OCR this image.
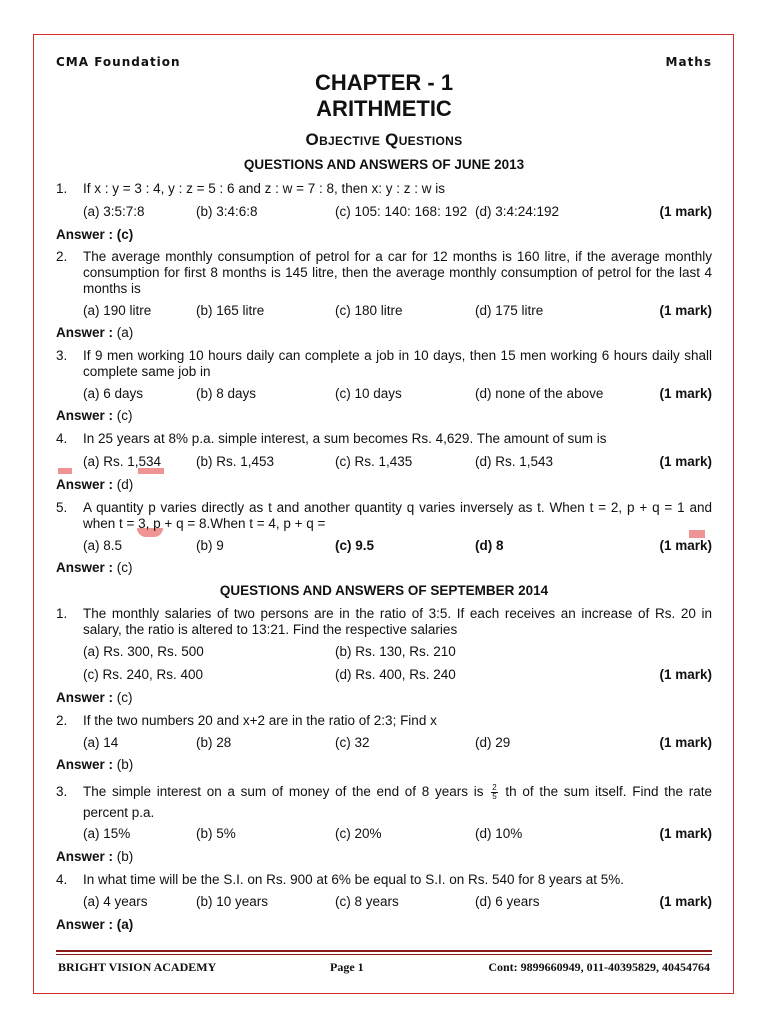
CMA Foundation	Maths
CHAPTER - 1
ARITHMETIC
Objective Questions
QUESTIONS AND ANSWERS OF JUNE 2013
1. If x : y = 3 : 4, y : z = 5 : 6 and z : w = 7 : 8, then x: y : z : w is
(a) 3:5:7:8	(b) 3:4:6:8	(c) 105: 140: 168: 192 (d) 3:4:24:192	(1 mark)
Answer : (c)
2. The average monthly consumption of petrol for a car for 12 months is 160 litre, if the average monthly consumption for first 8 months is 145 litre, then the average monthly consumption of petrol for the last 4 months is
(a) 190 litre	(b) 165 litre	(c) 180 litre	(d) 175 litre	(1 mark)
Answer : (a)
3. If 9 men working 10 hours daily can complete a job in 10 days, then 15 men working 6 hours daily shall complete same job in
(a) 6 days	(b) 8 days	(c) 10 days	(d) none of the above	(1 mark)
Answer : (c)
4. In 25 years at 8% p.a. simple interest, a sum becomes Rs. 4,629. The amount of sum is
(a) Rs. 1,534	(b) Rs. 1,453	(c) Rs. 1,435	(d) Rs. 1,543	(1 mark)
Answer : (d)
5. A quantity p varies directly as t and another quantity q varies inversely as t. When t = 2, p + q = 1 and when t = 3, p + q = 8.When t = 4, p + q =
(a) 8.5	(b) 9	(c) 9.5	(d) 8	(1 mark)
Answer : (c)
QUESTIONS AND ANSWERS OF SEPTEMBER 2014
1. The monthly salaries of two persons are in the ratio of 3:5. If each receives an increase of Rs. 20 in salary, the ratio is altered to 13:21. Find the respective salaries
(a) Rs. 300, Rs. 500	(b) Rs. 130, Rs. 210
(c) Rs. 240, Rs. 400	(d) Rs. 400, Rs. 240	(1 mark)
Answer : (c)
2. If the two numbers 20 and x+2 are in the ratio of 2:3; Find x
(a) 14	(b) 28	(c) 32	(d) 29	(1 mark)
Answer : (b)
3. The simple interest on a sum of money of the end of 8 years is $\frac{2}{5}$ th of the sum itself. Find the rate percent p.a.
(a) 15%	(b) 5%	(c) 20%	(d) 10%	(1 mark)
Answer : (b)
4. In what time will be the S.I. on Rs. 900 at 6% be equal to S.I. on Rs. 540 for 8 years at 5%.
(a) 4 years	(b) 10 years	(c) 8 years	(d) 6 years	(1 mark)
Answer : (a)
BRIGHT VISION ACADEMY	Page 1	Cont: 9899660949, 011-40395829, 40454764
